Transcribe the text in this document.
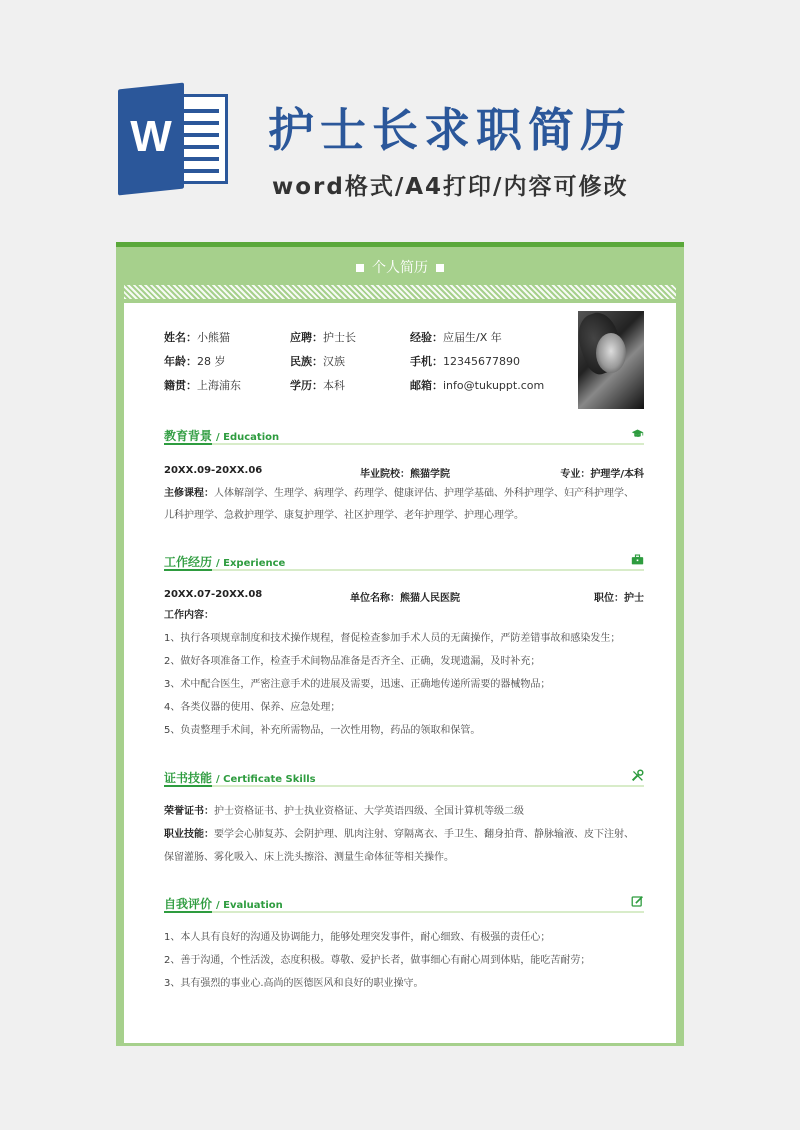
W 护士长求职简历
word格式/A4打印/内容可修改
个人简历
姓名：小熊猫	应聘：护士长	经验：应届生/X 年
年龄：28 岁	民族：汉族	手机：12345677890
籍贯：上海浦东	学历：本科	邮箱：info@tukuppt.com
教育背景 / Education
20XX.09-20XX.06	毕业院校：熊猫学院	专业：护理学/本科
主修课程：人体解剖学、生理学、病理学、药理学、健康评估、护理学基础、外科护理学、妇产科护理学、
儿科护理学、急救护理学、康复护理学、社区护理学、老年护理学、护理心理学。
工作经历 / Experience
20XX.07-20XX.08	单位名称：熊猫人民医院	职位：护士
工作内容：
1、执行各项规章制度和技术操作规程，督促检查参加手术人员的无菌操作，严防差错事故和感染发生；
2、做好各项准备工作，检查手术间物品准备是否齐全、正确，发现遗漏，及时补充；
3、术中配合医生，严密注意手术的进展及需要，迅速、正确地传递所需要的器械物品；
4、各类仪器的使用、保养、应急处理；
5、负责整理手术间，补充所需物品，一次性用物，药品的领取和保管。
证书技能 / Certificate Skills
荣誉证书：护士资格证书、护士执业资格证、大学英语四级、全国计算机等级二级
职业技能：要学会心肺复苏、会阴护理、肌肉注射、穿隔离衣、手卫生、翻身拍背、静脉输液、皮下注射、
保留灌肠、雾化吸入、床上洗头擦浴、测量生命体征等相关操作。
自我评价 / Evaluation
1、本人具有良好的沟通及协调能力，能够处理突发事件，耐心细致、有极强的责任心；
2、善于沟通，个性活泼，态度积极。尊敬、爱护长者，做事细心有耐心周到体贴，能吃苦耐劳；
3、具有强烈的事业心.高尚的医德医风和良好的职业操守。
